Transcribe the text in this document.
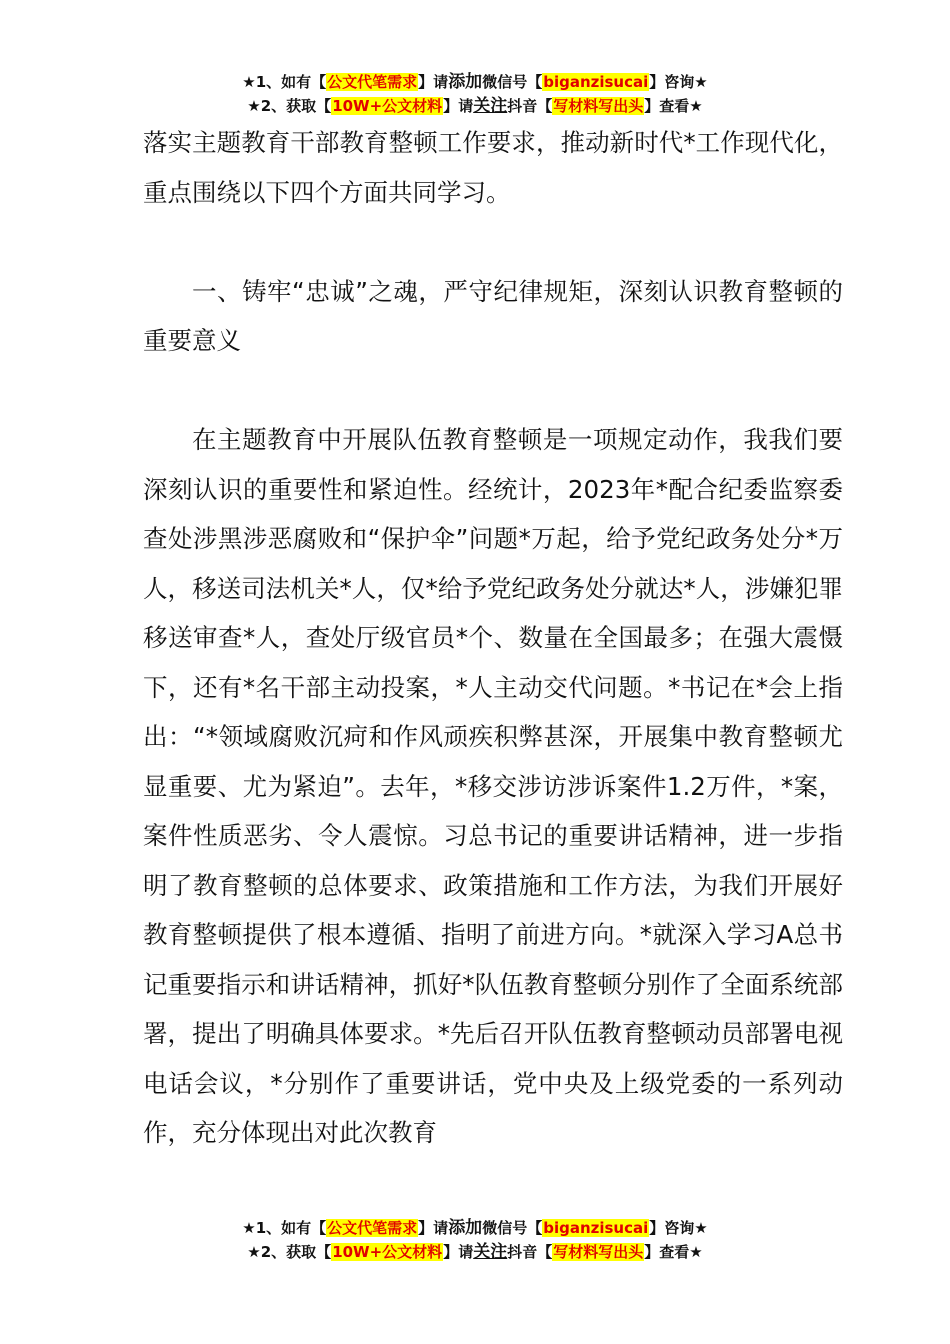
★1、如有【公文代笔需求】请添加微信号【biganzisucai】咨询★
★2、获取【10W+公文材料】请关注抖音【写材料写出头】查看★

落实主题教育干部教育整顿工作要求，推动新时代*工作现代化，重点围绕以下四个方面共同学习。

一、铸牢“忠诚”之魂，严守纪律规矩，深刻认识教育整顿的重要意义

在主题教育中开展队伍教育整顿是一项规定动作，我我们要深刻认识的重要性和紧迫性。经统计，2023年*配合纪委监察委查处涉黑涉恶腐败和“保护伞”问题*万起，给予党纪政务处分*万人，移送司法机关*人，仅*给予党纪政务处分就达*人，涉嫌犯罪移送审查*人，查处厅级官员*个、数量在全国最多；在强大震慑下，还有*名干部主动投案，*人主动交代问题。*书记在*会上指出：“*领域腐败沉疴和作风顽疾积弊甚深，开展集中教育整顿尤显重要、尤为紧迫”。去年，*移交涉访涉诉案件1.2万件，*案，案件性质恶劣、令人震惊。习总书记的重要讲话精神，进一步指明了教育整顿的总体要求、政策措施和工作方法，为我们开展好教育整顿提供了根本遵循、指明了前进方向。*就深入学习A总书记重要指示和讲话精神，抓好*队伍教育整顿分别作了全面系统部署，提出了明确具体要求。*先后召开队伍教育整顿动员部署电视电话会议，*分别作了重要讲话，党中央及上级党委的一系列动作，充分体现出对此次教育

★1、如有【公文代笔需求】请添加微信号【biganzisucai】咨询★
★2、获取【10W+公文材料】请关注抖音【写材料写出头】查看★
